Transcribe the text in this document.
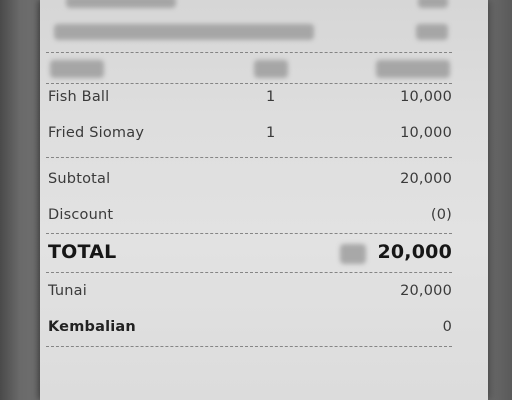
Fish Ball	1	10,000
Fried Siomay	1	10,000
Subtotal	20,000
Discount	(0)
TOTAL	20,000
Tunai	20,000
Kembalian	0
